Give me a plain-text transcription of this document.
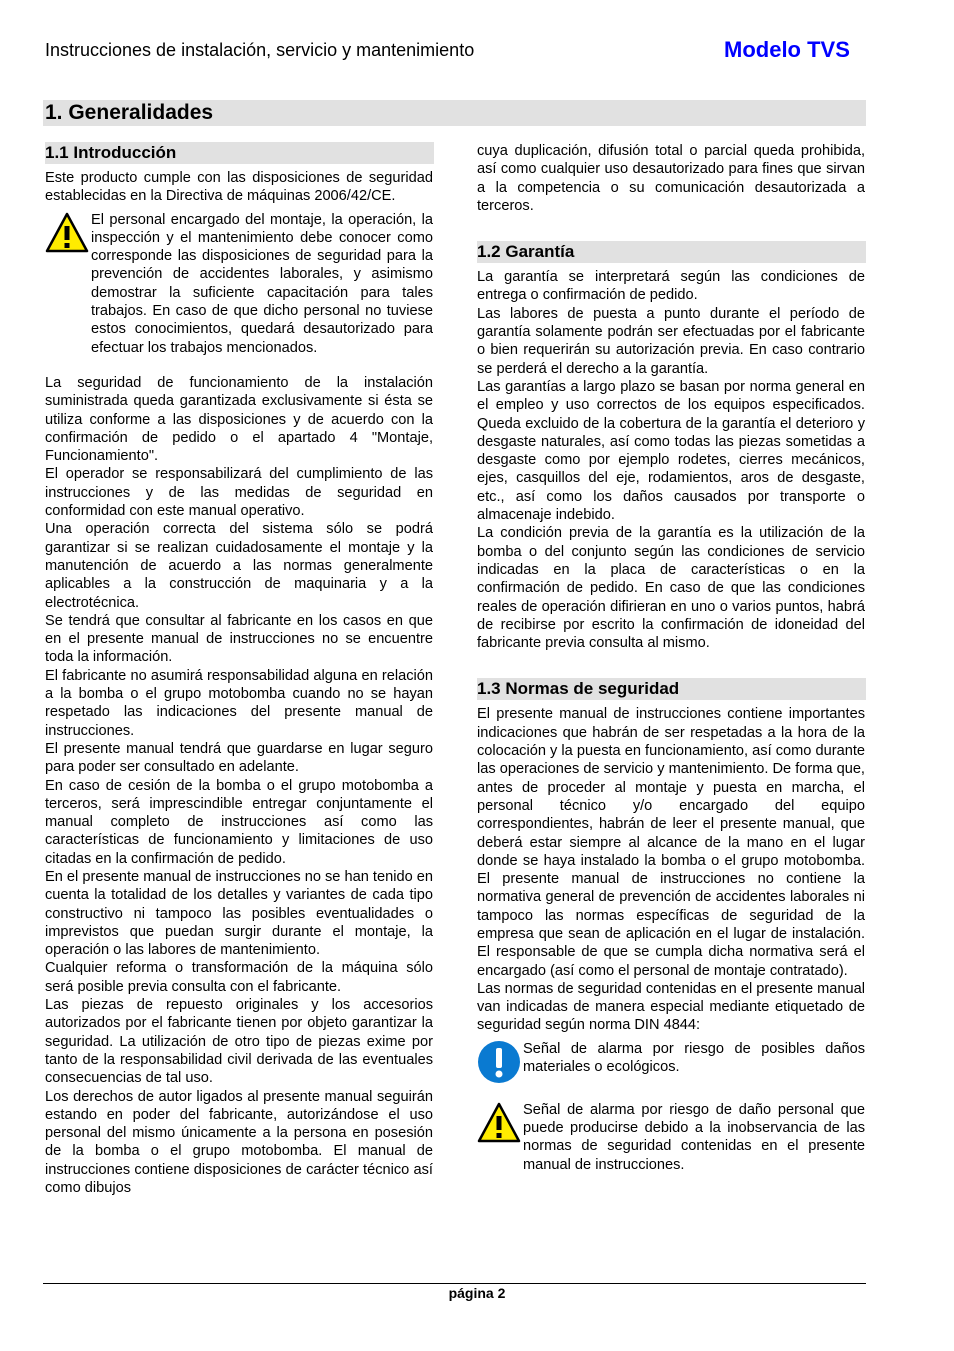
Instrucciones de instalación, servicio y mantenimiento	Modelo TVS
1. Generalidades
1.1 Introducción

Este producto cumple con las disposiciones de seguridad establecidas en la Directiva de máquinas 2006/42/CE.

El personal encargado del montaje, la operación, la inspección y el mantenimiento debe conocer como corresponde las disposiciones de seguridad para la prevención de accidentes laborales, y asimismo demostrar la suficiente capacitación para tales trabajos. En caso de que dicho personal no tuviese estos conocimientos, quedará desautorizado para efectuar los trabajos mencionados.

La seguridad de funcionamiento de la instalación suministrada queda garantizada exclusivamente si ésta se utiliza conforme a las disposiciones y de acuerdo con la confirmación de pedido o el apartado 4 "Montaje, Funcionamiento".

El operador se responsabilizará del cumplimiento de las instrucciones y de las medidas de seguridad en conformidad con este manual operativo.

Una operación correcta del sistema sólo se podrá garantizar si se realizan cuidadosamente el montaje y la manutención de acuerdo a las normas generalmente aplicables a la construcción de maquinaria y a la electrotécnica.

Se tendrá que consultar al fabricante en los casos en que en el presente manual de instrucciones no se encuentre toda la información.

El fabricante no asumirá responsabilidad alguna en relación a la bomba o el grupo motobomba cuando no se hayan respetado las indicaciones del presente manual de instrucciones.

El presente manual tendrá que guardarse en lugar seguro para poder ser consultado en adelante.

En caso de cesión de la bomba o el grupo motobomba a terceros, será imprescindible entregar conjuntamente el manual completo de instrucciones así como las características de funcionamiento y limitaciones de uso citadas en la confirmación de pedido.

En el presente manual de instrucciones no se han tenido en cuenta la totalidad de los detalles y variantes de cada tipo constructivo ni tampoco las posibles eventualidades o imprevistos que puedan surgir durante el montaje, la operación o las labores de mantenimiento.

Cualquier reforma o transformación de la máquina sólo será posible previa consulta con el fabricante.

Las piezas de repuesto originales y los accesorios autorizados por el fabricante tienen por objeto garantizar la seguridad. La utilización de otro tipo de piezas exime por tanto de la responsabilidad civil derivada de las eventuales consecuencias de tal uso.

Los derechos de autor ligados al presente manual seguirán estando en poder del fabricante, autorizándose el uso personal del mismo únicamente a la persona en posesión de la bomba o el grupo motobomba. El manual de instrucciones contiene disposiciones de carácter técnico así como dibujos

cuya duplicación, difusión total o parcial queda prohibida, así como cualquier uso desautorizado para fines que sirvan a la competencia o su comunicación desautorizada a terceros.

1.2 Garantía

La garantía se interpretará según las condiciones de entrega o confirmación de pedido.

Las labores de puesta a punto durante el período de garantía solamente podrán ser efectuadas por el fabricante o bien requerirán su autorización previa. En caso contrario se perderá el derecho a la garantía.

Las garantías a largo plazo se basan por norma general en el empleo y uso correctos de los equipos especificados. Queda excluido de la cobertura de la garantía el deterioro y desgaste naturales, así como todas las piezas sometidas a desgaste como por ejemplo rodetes, cierres mecánicos, ejes, casquillos del eje, rodamientos, aros de desgaste, etc., así como los daños causados por transporte o almacenaje indebido.

La condición previa de la garantía es la utilización de la bomba o del conjunto según las condiciones de servicio indicadas en la placa de características o en la confirmación de pedido. En caso de que las condiciones reales de operación difirieran en uno o varios puntos, habrá de recibirse por escrito la confirmación de idoneidad del fabricante previa consulta al mismo.

1.3 Normas de seguridad

El presente manual de instrucciones contiene importantes indicaciones que habrán de ser respetadas a la hora de la colocación y la puesta en funcionamiento, así como durante las operaciones de servicio y mantenimiento. De forma que, antes de proceder al montaje y puesta en marcha, el personal técnico y/o encargado del equipo correspondientes, habrán de leer el presente manual, que deberá estar siempre al alcance de la mano en el lugar donde se haya instalado la bomba o el grupo motobomba. El presente manual de instrucciones no contiene la normativa general de prevención de accidentes laborales ni tampoco las normas específicas de seguridad de la empresa que sean de aplicación en el lugar de instalación. El responsable de que se cumpla dicha normativa será el encargado (así como el personal de montaje contratado).

Las normas de seguridad contenidas en el presente manual van indicadas de manera especial mediante etiquetado de seguridad según norma DIN 4844:

Señal de alarma por riesgo de posibles daños materiales o ecológicos.

Señal de alarma por riesgo de daño personal que puede producirse debido a la inobservancia de las normas de seguridad contenidas en el presente manual de instrucciones.

página 2
